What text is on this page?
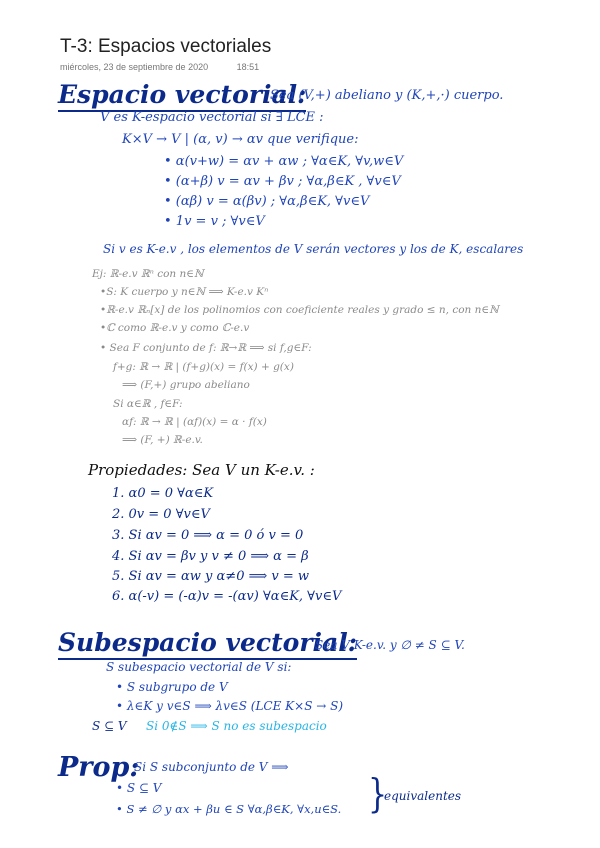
T-3: Espacios vectoriales
miércoles, 23 de septiembre de 2020	18:51
Espacio vectorial:
Sea (V,+) abeliano y (K,+,·) cuerpo.
V es K-espacio vectorial si ∃ LCE :
K×V → V | (α, v) → αv que verifique:
• α(v+w) = αv + αw ; ∀α∈K, ∀v,w∈V
• (α+β) v = αv + βv ; ∀α,β∈K , ∀v∈V
• (αβ) v = α(βv) ; ∀α,β∈K, ∀v∈V
• 1v = v ; ∀v∈V
Si v es K-e.v , los elementos de V serán vectores y los de K, escalares
Ej: ℝ-e.v ℝⁿ con n∈ℕ
•S: K cuerpo y n∈ℕ ⟹ K-e.v Kⁿ
•ℝ-e.v ℝₙ[x] de los polinomios con coeficiente reales y grado ≤ n, con n∈ℕ
•ℂ como ℝ-e.v y como ℂ-e.v
• Sea F conjunto de f: ℝ→ℝ ⟹ si f,g∈F:
f+g: ℝ → ℝ | (f+g)(x) = f(x) + g(x)
⟹ (F,+) grupo abeliano
Si α∈ℝ , f∈F:
αf: ℝ → ℝ | (αf)(x) = α · f(x)
⟹ (F, +) ℝ-e.v.
Propiedades: Sea V un K-e.v. :
1. α0 = 0 ∀α∈K
2. 0v = 0 ∀v∈V
3. Si αv = 0 ⟹ α = 0 ó v = 0
4. Si αv = βv y v ≠ 0 ⟹ α = β
5. Si αv = αw y α≠0 ⟹ v = w
6. α(-v) = (-α)v = -(αv) ∀α∈K, ∀v∈V
Subespacio vectorial:
Sea V K-e.v. y ∅ ≠ S ⊆ V.
S subespacio vectorial de V si:
• S subgrupo de V
• λ∈K y v∈S ⟹ λv∈S (LCE K×S → S)
S ⊆ V Si 0∉S ⟹ S no es subespacio
Prop:
Si S subconjunto de V ⟹
• S ⊆ V
• S ≠ ∅ y αx + βu ∈ S ∀α,β∈K, ∀x,u∈S. }
equivalentes
